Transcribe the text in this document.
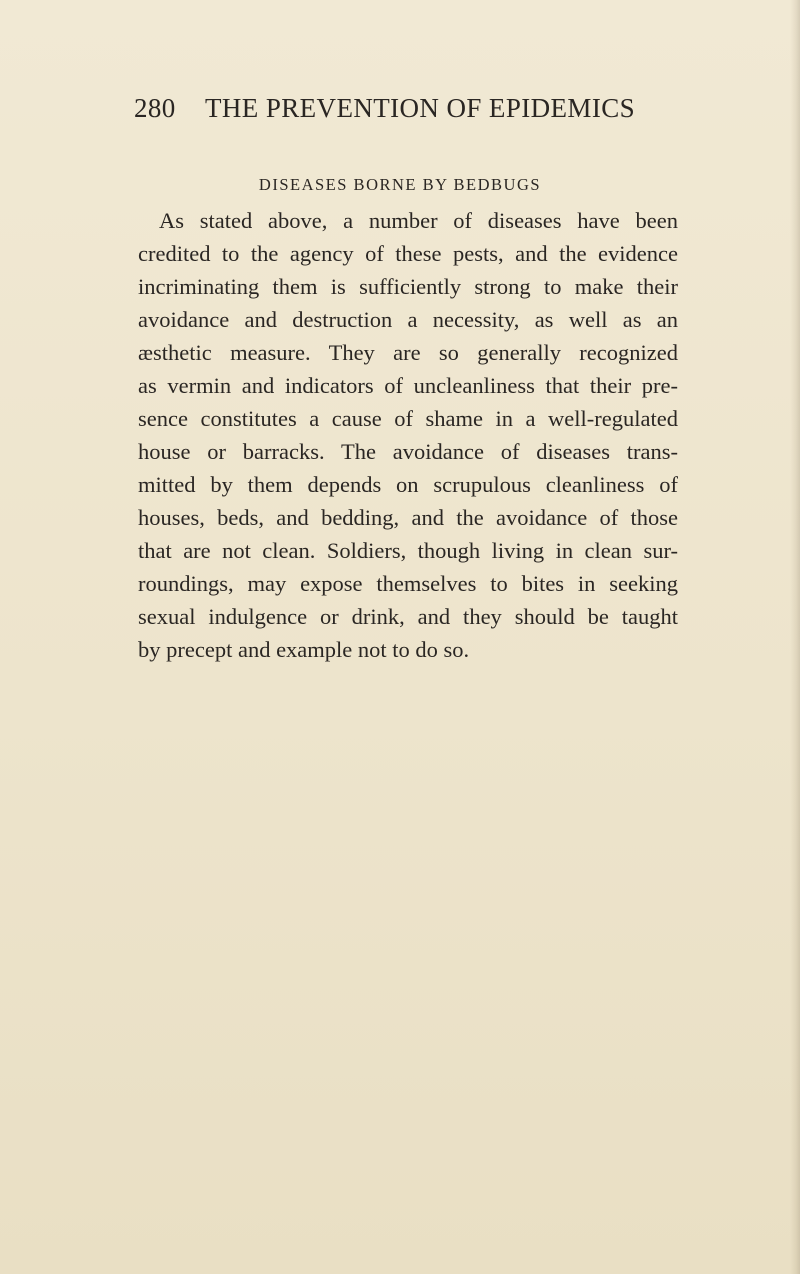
280 THE PREVENTION OF EPIDEMICS
DISEASES BORNE BY BEDBUGS
As stated above, a number of diseases have been
credited to the agency of these pests, and the evidence
incriminating them is sufficiently strong to make their
avoidance and destruction a necessity, as well as an
æsthetic measure. They are so generally recognized
as vermin and indicators of uncleanliness that their pre-
sence constitutes a cause of shame in a well-regulated
house or barracks. The avoidance of diseases trans-
mitted by them depends on scrupulous cleanliness of
houses, beds, and bedding, and the avoidance of those
that are not clean. Soldiers, though living in clean sur-
roundings, may expose themselves to bites in seeking
sexual indulgence or drink, and they should be taught
by precept and example not to do so.
